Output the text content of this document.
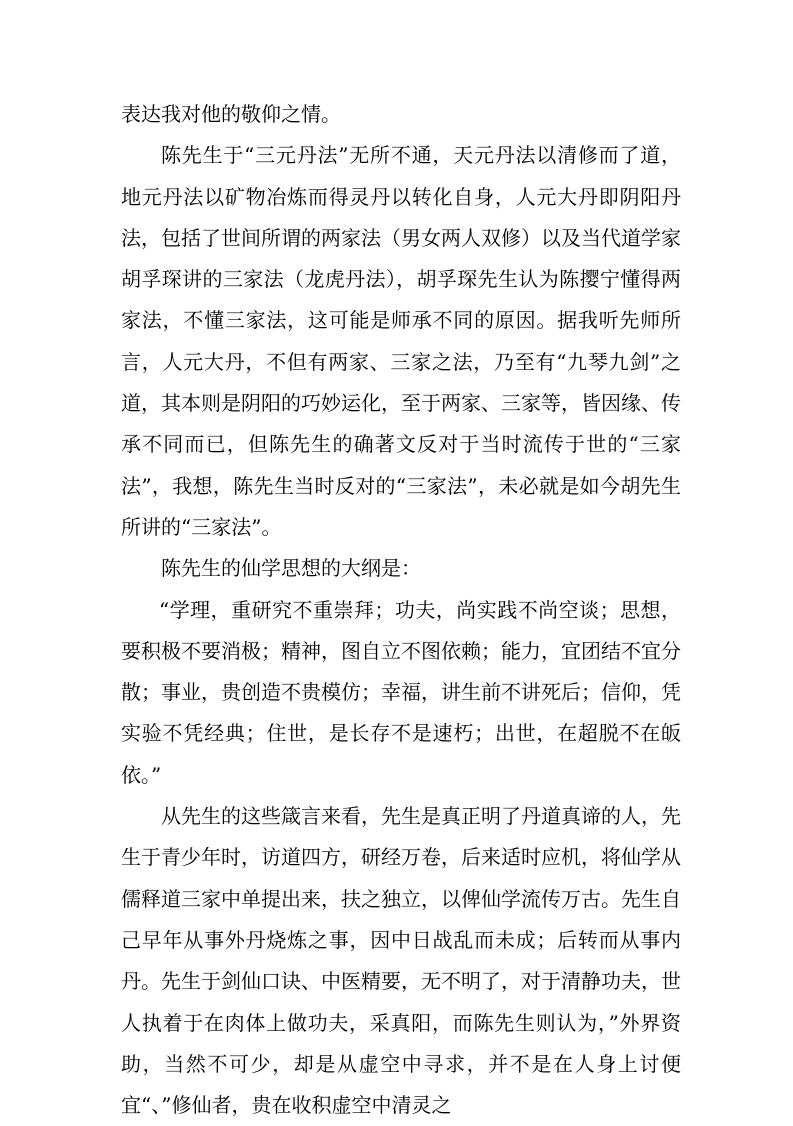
表达我对他的敬仰之情。

陈先生于“三元丹法”无所不通，天元丹法以清修而了道，地元丹法以矿物冶炼而得灵丹以转化自身，人元大丹即阴阳丹法，包括了世间所谓的两家法（男女两人双修）以及当代道学家胡孚琛讲的三家法（龙虎丹法），胡孚琛先生认为陈撄宁懂得两家法，不懂三家法，这可能是师承不同的原因。据我听先师所言，人元大丹，不但有两家、三家之法，乃至有“九琴九剑”之道，其本则是阴阳的巧妙运化，至于两家、三家等，皆因缘、传承不同而已，但陈先生的确著文反对于当时流传于世的“三家法”，我想，陈先生当时反对的“三家法”，未必就是如今胡先生所讲的“三家法”。

陈先生的仙学思想的大纲是：

“学理，重研究不重崇拜；功夫，尚实践不尚空谈；思想，要积极不要消极；精神，图自立不图依赖；能力，宜团结不宜分散；事业，贵创造不贵模仿；幸福，讲生前不讲死后；信仰，凭实验不凭经典；住世，是长存不是速朽；出世，在超脱不在皈依。”

从先生的这些箴言来看，先生是真正明了丹道真谛的人，先生于青少年时，访道四方，研经万卷，后来适时应机，将仙学从儒释道三家中单提出来，扶之独立，以俾仙学流传万古。先生自己早年从事外丹烧炼之事，因中日战乱而未成；后转而从事内丹。先生于剑仙口诀、中医精要，无不明了，对于清静功夫，世人执着于在肉体上做功夫，采真阳，而陈先生则认为，”外界资助，当然不可少，却是从虚空中寻求，并不是在人身上讨便宜“、”修仙者，贵在收积虚空中清灵之
